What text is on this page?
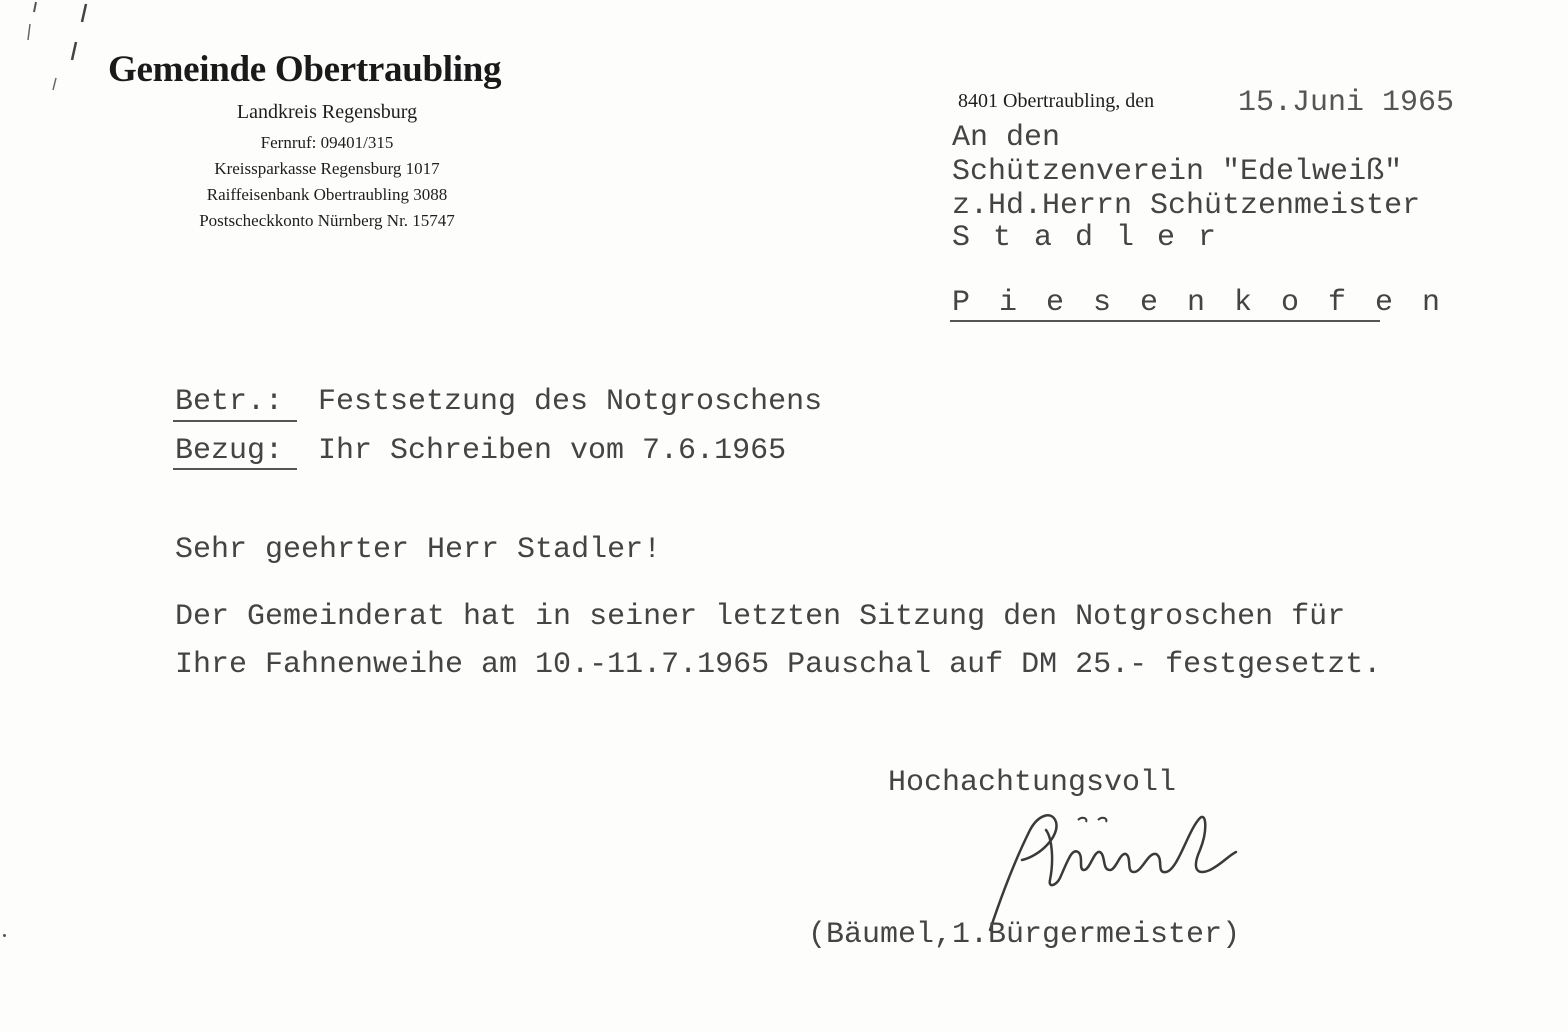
Gemeinde Obertraubling
Landkreis Regensburg
Fernruf: 09401/315
Kreissparkasse Regensburg 1017
Raiffeisenbank Obertraubling 3088
Postscheckkonto Nürnberg Nr. 15747
8401 Obertraubling, den	15.Juni 1965
An den
Schützenverein "Edelweiß"
z.Hd.Herrn Schützenmeister
Stadler
Piesenkofen
Betr.: Festsetzung des Notgroschens
Bezug: Ihr Schreiben vom 7.6.1965
Sehr geehrter Herr Stadler!
Der Gemeinderat hat in seiner letzten Sitzung den Notgroschen für
Ihre Fahnenweihe am 10.-11.7.1965 Pauschal auf DM 25.- festgesetzt.
Hochachtungsvoll
(Bäumel,1.Bürgermeister)
